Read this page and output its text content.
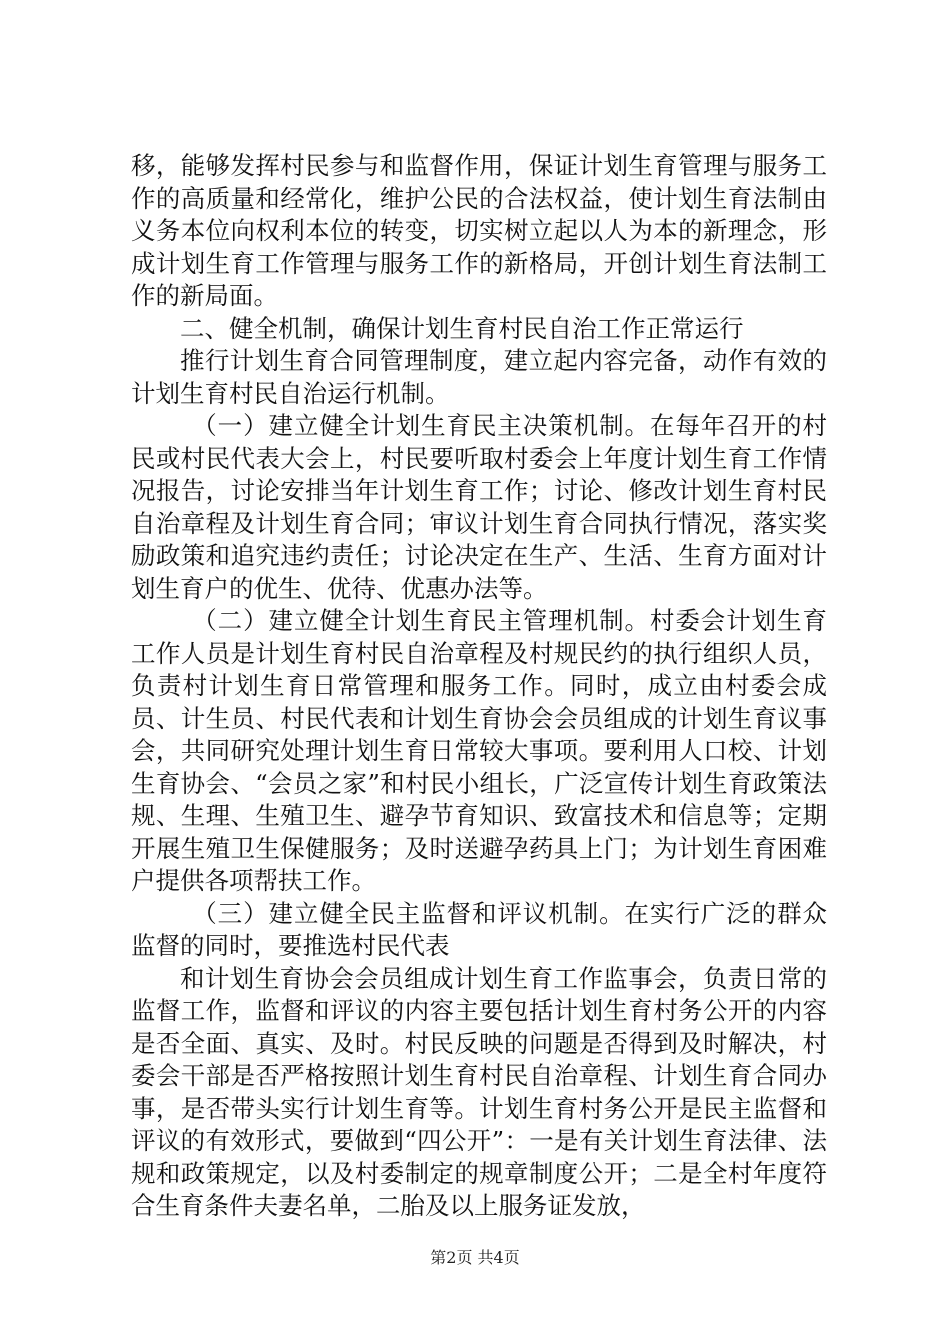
移，能够发挥村民参与和监督作用，保证计划生育管理与服务工作的高质量和经常化，维护公民的合法权益，使计划生育法制由义务本位向权利本位的转变，切实树立起以人为本的新理念，形成计划生育工作管理与服务工作的新格局，开创计划生育法制工作的新局面。

二、健全机制，确保计划生育村民自治工作正常运行

推行计划生育合同管理制度，建立起内容完备，动作有效的计划生育村民自治运行机制。

（一）建立健全计划生育民主决策机制。在每年召开的村民或村民代表大会上，村民要听取村委会上年度计划生育工作情况报告，讨论安排当年计划生育工作；讨论、修改计划生育村民自治章程及计划生育合同；审议计划生育合同执行情况，落实奖励政策和追究违约责任；讨论决定在生产、生活、生育方面对计划生育户的优生、优待、优惠办法等。

（二）建立健全计划生育民主管理机制。村委会计划生育工作人员是计划生育村民自治章程及村规民约的执行组织人员，负责村计划生育日常管理和服务工作。同时，成立由村委会成员、计生员、村民代表和计划生育协会会员组成的计划生育议事会，共同研究处理计划生育日常较大事项。要利用人口校、计划生育协会、“会员之家”和村民小组长，广泛宣传计划生育政策法规、生理、生殖卫生、避孕节育知识、致富技术和信息等；定期开展生殖卫生保健服务；及时送避孕药具上门；为计划生育困难户提供各项帮扶工作。

（三）建立健全民主监督和评议机制。在实行广泛的群众监督的同时，要推选村民代表

和计划生育协会会员组成计划生育工作监事会，负责日常的监督工作，监督和评议的内容主要包括计划生育村务公开的内容是否全面、真实、及时。村民反映的问题是否得到及时解决，村委会干部是否严格按照计划生育村民自治章程、计划生育合同办事，是否带头实行计划生育等。计划生育村务公开是民主监督和评议的有效形式，要做到“四公开”：一是有关计划生育法律、法规和政策规定，以及村委制定的规章制度公开；二是全村年度符合生育条件夫妻名单，二胎及以上服务证发放，

第2页 共4页
